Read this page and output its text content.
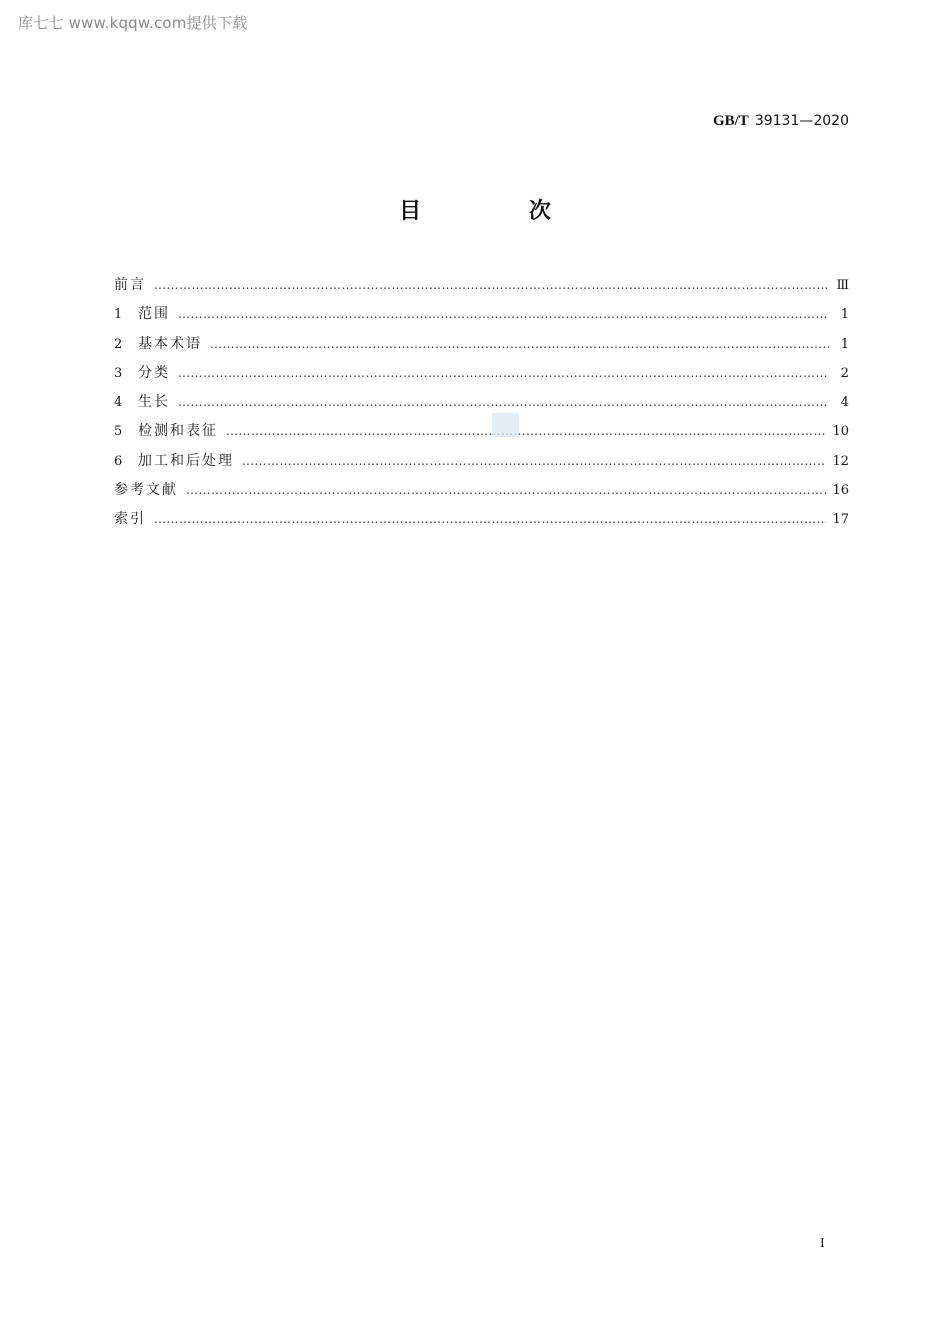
库七七 www.kqqw.com提供下载
GB/T 39131—2020
目 次
前言 ………………………………………………………………………………………………………………………………………………………………………………………………………………………………	Ⅲ
1	范围 ………………………………………………………………………………………………………………………………………………………………………………………………………………………………	1
2	基本术语 ………………………………………………………………………………………………………………………………………………………………………………………………………………………………	1
3	分类 ………………………………………………………………………………………………………………………………………………………………………………………………………………………………	2
4	生长 ………………………………………………………………………………………………………………………………………………………………………………………………………………………………	4
5	检测和表征 ………………………………………………………………………………………………………………………………………………………………………………………………………………………………	10
6	加工和后处理 ………………………………………………………………………………………………………………………………………………………………………………………………………………………………	12
参考文献 ………………………………………………………………………………………………………………………………………………………………………………………………………………………………	16
索引 ………………………………………………………………………………………………………………………………………………………………………………………………………………………………	17
I
